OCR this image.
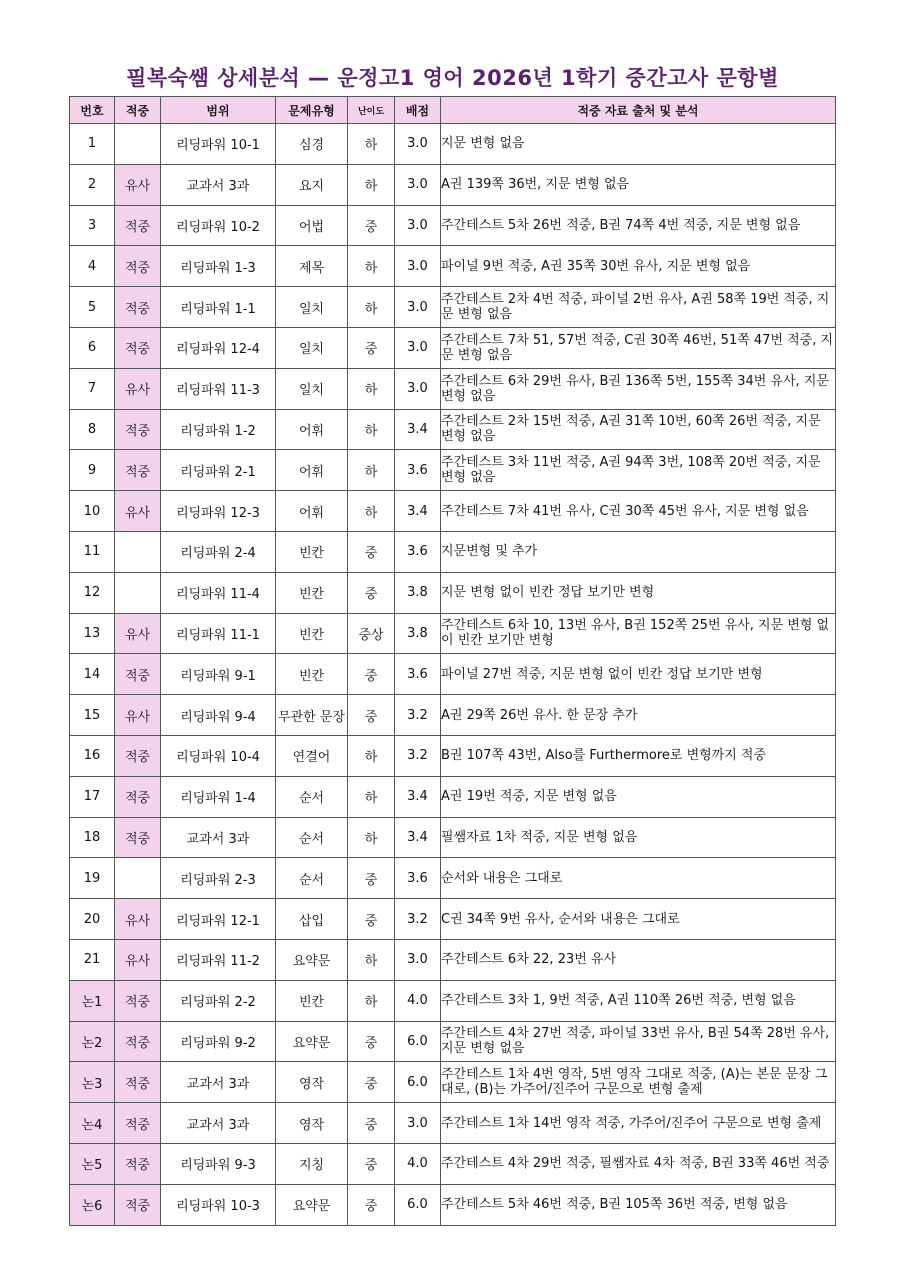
필복숙쌤 상세분석 — 운정고1 영어 2026년 1학기 중간고사 문항별
번호	적중	범위	문제유형	난이도	배점	적중 자료 출처 및 분석
1		리딩파워 10-1	심경	하	3.0	지문 변형 없음
2	유사	교과서 3과	요지	하	3.0	A권 139쪽 36번, 지문 변형 없음
3	적중	리딩파워 10-2	어법	중	3.0	주간테스트 5차 26번 적중, B권 74쪽 4번 적중, 지문 변형 없음
4	적중	리딩파워 1-3	제목	하	3.0	파이널 9번 적중, A권 35쪽 30번 유사, 지문 변형 없음
5	적중	리딩파워 1-1	일치	하	3.0	주간테스트 2차 4번 적중, 파이널 2번 유사, A권 58쪽 19번 적중, 지문 변형 없음
6	적중	리딩파워 12-4	일치	중	3.0	주간테스트 7차 51, 57번 적중, C권 30쪽 46번, 51쪽 47번 적중, 지문 변형 없음
7	유사	리딩파워 11-3	일치	하	3.0	주간테스트 6차 29번 유사, B권 136쪽 5번, 155쪽 34번 유사, 지문 변형 없음
8	적중	리딩파워 1-2	어휘	하	3.4	주간테스트 2차 15번 적중, A권 31쪽 10번, 60쪽 26번 적중, 지문 변형 없음
9	적중	리딩파워 2-1	어휘	하	3.6	주간테스트 3차 11번 적중, A권 94쪽 3번, 108쪽 20번 적중, 지문 변형 없음
10	유사	리딩파워 12-3	어휘	하	3.4	주간테스트 7차 41번 유사, C권 30쪽 45번 유사, 지문 변형 없음
11		리딩파워 2-4	빈칸	중	3.6	지문변형 및 추가
12		리딩파워 11-4	빈칸	중	3.8	지문 변형 없이 빈칸 정답 보기만 변형
13	유사	리딩파워 11-1	빈칸	중상	3.8	주간테스트 6차 10, 13번 유사, B권 152쪽 25번 유사, 지문 변형 없이 빈칸 보기만 변형
14	적중	리딩파워 9-1	빈칸	중	3.6	파이널 27번 적중, 지문 변형 없이 빈칸 정답 보기만 변형
15	유사	리딩파워 9-4	무관한 문장	중	3.2	A권 29쪽 26번 유사. 한 문장 추가
16	적중	리딩파워 10-4	연결어	하	3.2	B권 107쪽 43번, Also를 Furthermore로 변형까지 적중
17	적중	리딩파워 1-4	순서	하	3.4	A권 19번 적중, 지문 변형 없음
18	적중	교과서 3과	순서	하	3.4	필쌤자료 1차 적중, 지문 변형 없음
19		리딩파워 2-3	순서	중	3.6	순서와 내용은 그대로
20	유사	리딩파워 12-1	삽입	중	3.2	C권 34쪽 9번 유사, 순서와 내용은 그대로
21	유사	리딩파워 11-2	요약문	하	3.0	주간테스트 6차 22, 23번 유사
논1	적중	리딩파워 2-2	빈칸	하	4.0	주간테스트 3차 1, 9번 적중, A권 110쪽 26번 적중, 변형 없음
논2	적중	리딩파워 9-2	요약문	중	6.0	주간테스트 4차 27번 적중, 파이널 33번 유사, B권 54쪽 28번 유사, 지문 변형 없음
논3	적중	교과서 3과	영작	중	6.0	주간테스트 1차 4번 영작, 5번 영작 그대로 적중, (A)는 본문 문장 그대로, (B)는 가주어/진주어 구문으로 변형 출제
논4	적중	교과서 3과	영작	중	3.0	주간테스트 1차 14번 영작 적중, 가주어/진주어 구문으로 변형 출제
논5	적중	리딩파워 9-3	지칭	중	4.0	주간테스트 4차 29번 적중, 필쌤자료 4차 적중, B권 33쪽 46번 적중
논6	적중	리딩파워 10-3	요약문	중	6.0	주간테스트 5차 46번 적중, B권 105쪽 36번 적중, 변형 없음
